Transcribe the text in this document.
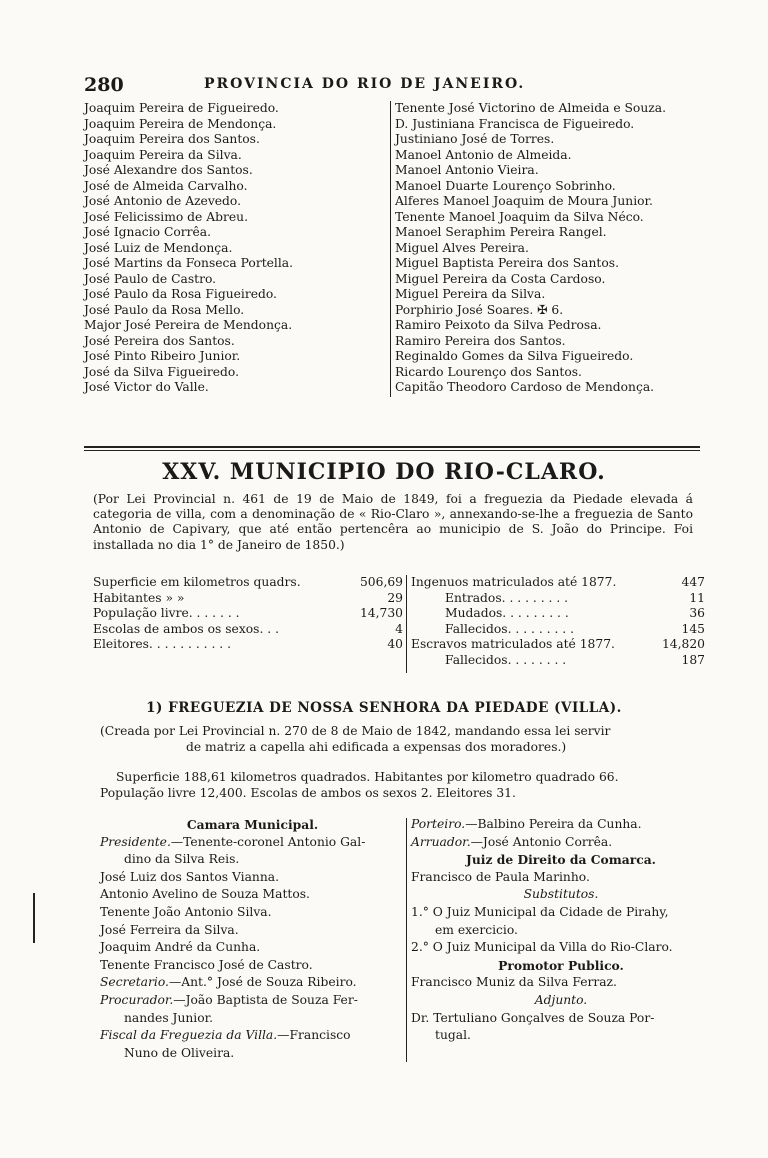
280	PROVINCIA DO RIO DE JANEIRO.
Joaquim Pereira de Figueiredo.
Joaquim Pereira de Mendonça.
Joaquim Pereira dos Santos.
Joaquim Pereira da Silva.
José Alexandre dos Santos.
José de Almeida Carvalho.
José Antonio de Azevedo.
José Felicissimo de Abreu.
José Ignacio Corrêa.
José Luiz de Mendonça.
José Martins da Fonseca Portella.
José Paulo de Castro.
José Paulo da Rosa Figueiredo.
José Paulo da Rosa Mello.
Major José Pereira de Mendonça.
José Pereira dos Santos.
José Pinto Ribeiro Junior.
José da Silva Figueiredo.
José Victor do Valle.
Tenente José Victorino de Almeida e Souza.
D. Justiniana Francisca de Figueiredo.
Justiniano José de Torres.
Manoel Antonio de Almeida.
Manoel Antonio Vieira.
Manoel Duarte Lourenço Sobrinho.
Alferes Manoel Joaquim de Moura Junior.
Tenente Manoel Joaquim da Silva Néco.
Manoel Seraphim Pereira Rangel.
Miguel Alves Pereira.
Miguel Baptista Pereira dos Santos.
Miguel Pereira da Costa Cardoso.
Miguel Pereira da Silva.
Porphirio José Soares. ✠ 6.
Ramiro Peixoto da Silva Pedrosa.
Ramiro Pereira dos Santos.
Reginaldo Gomes da Silva Figueiredo.
Ricardo Lourenço dos Santos.
Capitão Theodoro Cardoso de Mendonça.
XXV. MUNICIPIO DO RIO-CLARO.
(Por Lei Provincial n. 461 de 19 de Maio de 1849, foi a freguezia da Piedade elevada á categoria de villa, com a denominação de « Rio-Claro », annexando-se-lhe a freguezia de Santo Antonio de Capivary, que até então pertencêra ao municipio de S. João do Principe. Foi installada no dia 1° de Janeiro de 1850.)
Superficie em kilometros quadrs.	506,69
Habitantes » »	29
População livre. . . . . . .	14,730
Escolas de ambos os sexos. . .	4
Eleitores. . . . . . . . . . .	40
Ingenuos matriculados até 1877.	447
Entrados. . . . . . . . .	11
Mudados. . . . . . . . .	36
Fallecidos. . . . . . . . .	145
Escravos matriculados até 1877.	14,820
Fallecidos. . . . . . . .	187
1) FREGUEZIA DE NOSSA SENHORA DA PIEDADE (VILLA).
(Creada por Lei Provincial n. 270 de 8 de Maio de 1842, mandando essa lei servir
de matriz a capella ahi edificada a expensas dos moradores.)
Superficie 188,61 kilometros quadrados. Habitantes por kilometro quadrado 66.
População livre 12,400. Escolas de ambos os sexos 2. Eleitores 31.
Camara Municipal.
Presidente.—Tenente-coronel Antonio Gal-
dino da Silva Reis.
José Luiz dos Santos Vianna.
Antonio Avelino de Souza Mattos.
Tenente João Antonio Silva.
José Ferreira da Silva.
Joaquim André da Cunha.
Tenente Francisco José de Castro.
Secretario.—Ant.° José de Souza Ribeiro.
Procurador.—João Baptista de Souza Fer-
nandes Junior.
Fiscal da Freguezia da Villa.—Francisco
Nuno de Oliveira.
Porteiro.—Balbino Pereira da Cunha.
Arruador.—José Antonio Corrêa.
Juiz de Direito da Comarca.
Francisco de Paula Marinho.
Substitutos.
1.° O Juiz Municipal da Cidade de Pirahy,
em exercicio.
2.° O Juiz Municipal da Villa do Rio-Claro.
Promotor Publico.
Francisco Muniz da Silva Ferraz.
Adjunto.
Dr. Tertuliano Gonçalves de Souza Por-
tugal.
